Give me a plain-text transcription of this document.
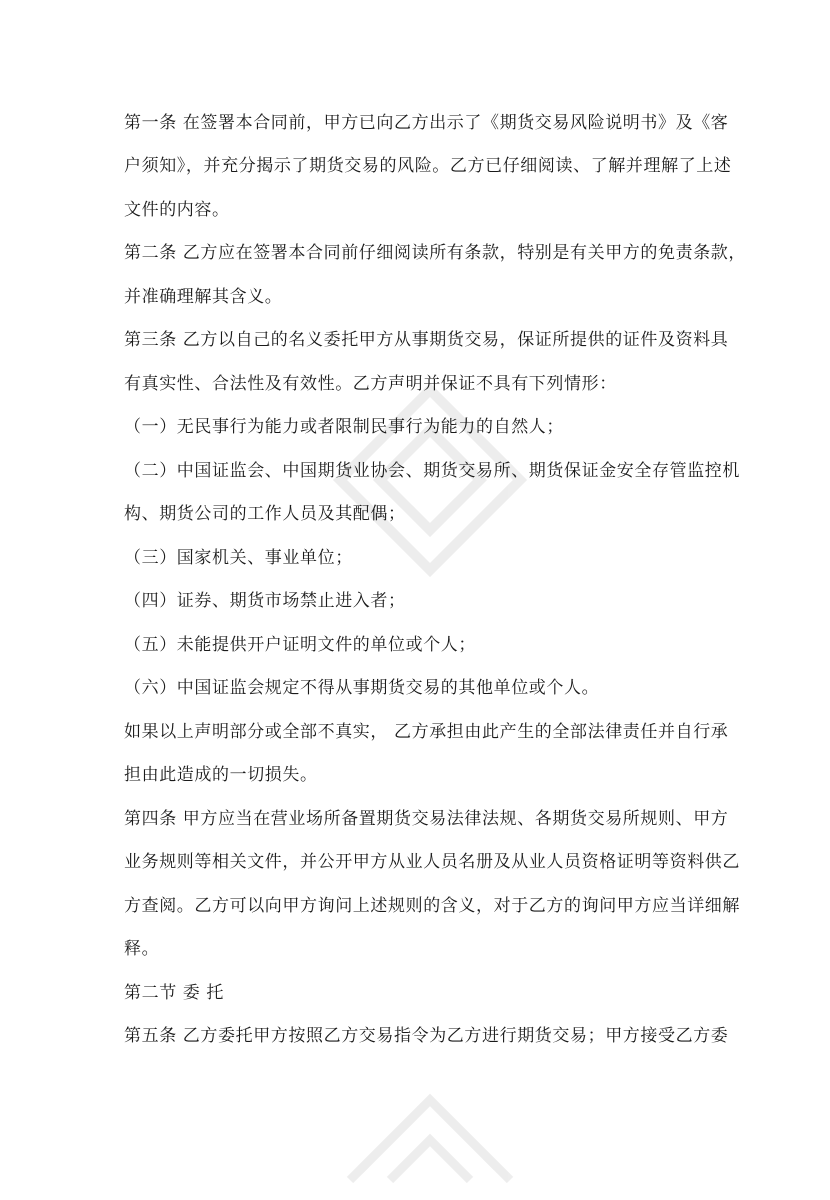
第一条 在签署本合同前，甲方已向乙方出示了《期货交易风险说明书》及《客
户须知》，并充分揭示了期货交易的风险。乙方已仔细阅读、了解并理解了上述
文件的内容。
第二条 乙方应在签署本合同前仔细阅读所有条款，特别是有关甲方的免责条款，
并准确理解其含义。
第三条 乙方以自己的名义委托甲方从事期货交易，保证所提供的证件及资料具
有真实性、合法性及有效性。乙方声明并保证不具有下列情形：
（一）无民事行为能力或者限制民事行为能力的自然人；
（二）中国证监会、中国期货业协会、期货交易所、期货保证金安全存管监控机
构、期货公司的工作人员及其配偶；
（三）国家机关、事业单位；
（四）证券、期货市场禁止进入者；
（五）未能提供开户证明文件的单位或个人；
（六）中国证监会规定不得从事期货交易的其他单位或个人。
如果以上声明部分或全部不真实， 乙方承担由此产生的全部法律责任并自行承
担由此造成的一切损失。
第四条 甲方应当在营业场所备置期货交易法律法规、各期货交易所规则、甲方
业务规则等相关文件，并公开甲方从业人员名册及从业人员资格证明等资料供乙
方查阅。乙方可以向甲方询问上述规则的含义，对于乙方的询问甲方应当详细解
释。
第二节 委 托
第五条 乙方委托甲方按照乙方交易指令为乙方进行期货交易；甲方接受乙方委
